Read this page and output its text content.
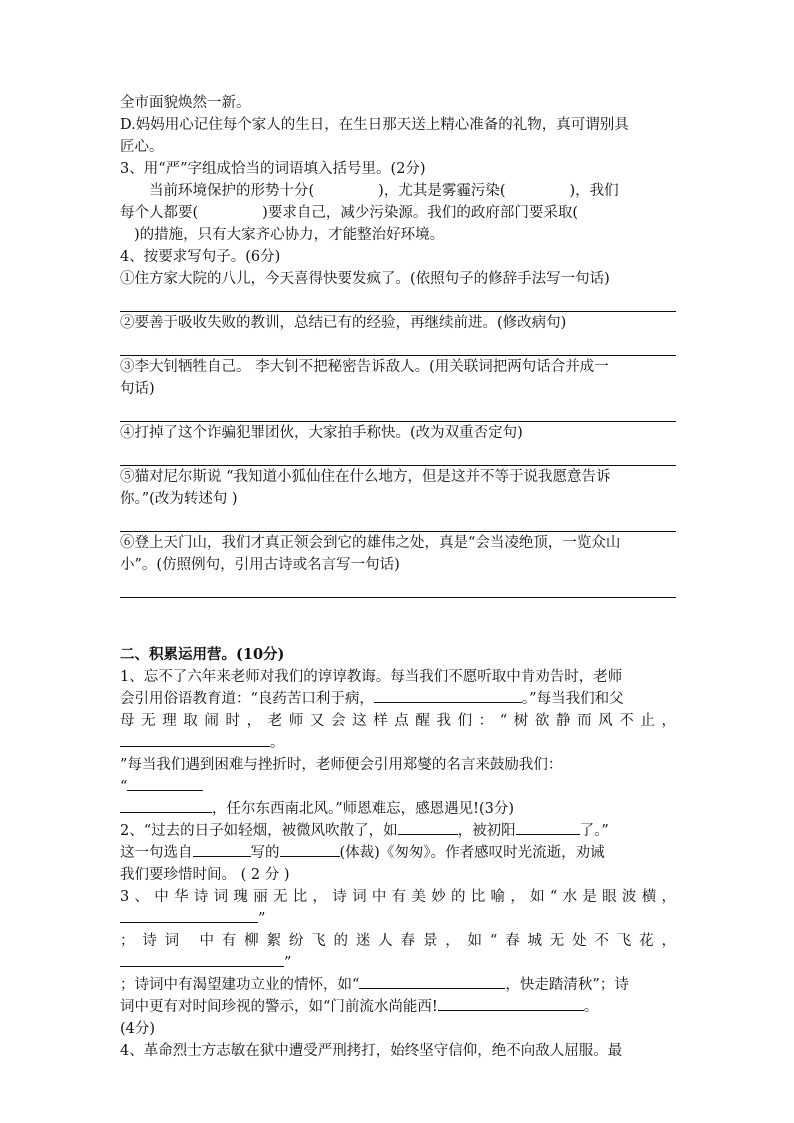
全市面貌焕然一新。

D.妈妈用心记住每个家人的生日，在生日那天送上精心准备的礼物，真可谓别具

匠心。

3、用“严”字组成恰当的词语填入括号里。(2分)

当前环境保护的形势十分(	)，尤其是雾霾污染(	)，我们

每个人都要(	)要求自己，减少污染源。我们的政府部门要采取(

)的措施，只有大家齐心协力，才能整治好环境。

4、按要求写句子。(6分)

①住方家大院的八儿，今天喜得快要发疯了。(依照句子的修辞手法写一句话)

②要善于吸收失败的教训，总结已有的经验，再继续前进。(修改病句)

③李大钊牺牲自己。 李大钊不把秘密告诉敌人。(用关联词把两句话合并成一

句话)

④打掉了这个诈骗犯罪团伙，大家拍手称快。(改为双重否定句)

⑤猫对尼尔斯说 “我知道小狐仙住在什么地方，但是这并不等于说我愿意告诉

你。”(改为转述句 )

⑥登上天门山，我们才真正领会到它的雄伟之处，真是“会当凌绝顶，一览众山

小”。(仿照例句，引用古诗或名言写一句话)

二、积累运用营。(10分)

1、忘不了六年来老师对我们的谆谆教诲。每当我们不愿听取中肯劝告时，老师

会引用俗语教育道：“良药苦口利于病，	。”每当我们和父

母无理取闹时，老师又会这样点醒我们：“树欲静而风不止，

。

”每当我们遇到困难与挫折时，老师便会引用郑燮的名言来鼓励我们：

“

，任尔东西南北风。”师恩难忘，感恩遇见!(3分)

2、“过去的日子如轻烟，被微风吹散了，如	，被初阳	了。”

这一句选自	写的	(体裁)《匆匆》。作者感叹时光流逝，劝诫

我们要珍惜时间。 ( 2 分 )

3、中华诗词瑰丽无比，诗词中有美妙的比喻，如“水是眼波横，

”

；诗词 中有柳絮纷飞的迷人春景，如“春城无处不飞花，

”

；诗词中有渴望建功立业的情怀，如“	，快走踏清秋”；诗

词中更有对时间珍视的警示，如“门前流水尚能西!	。

(4分)

4、革命烈士方志敏在狱中遭受严刑拷打，始终坚守信仰，绝不向敌人屈服。最
